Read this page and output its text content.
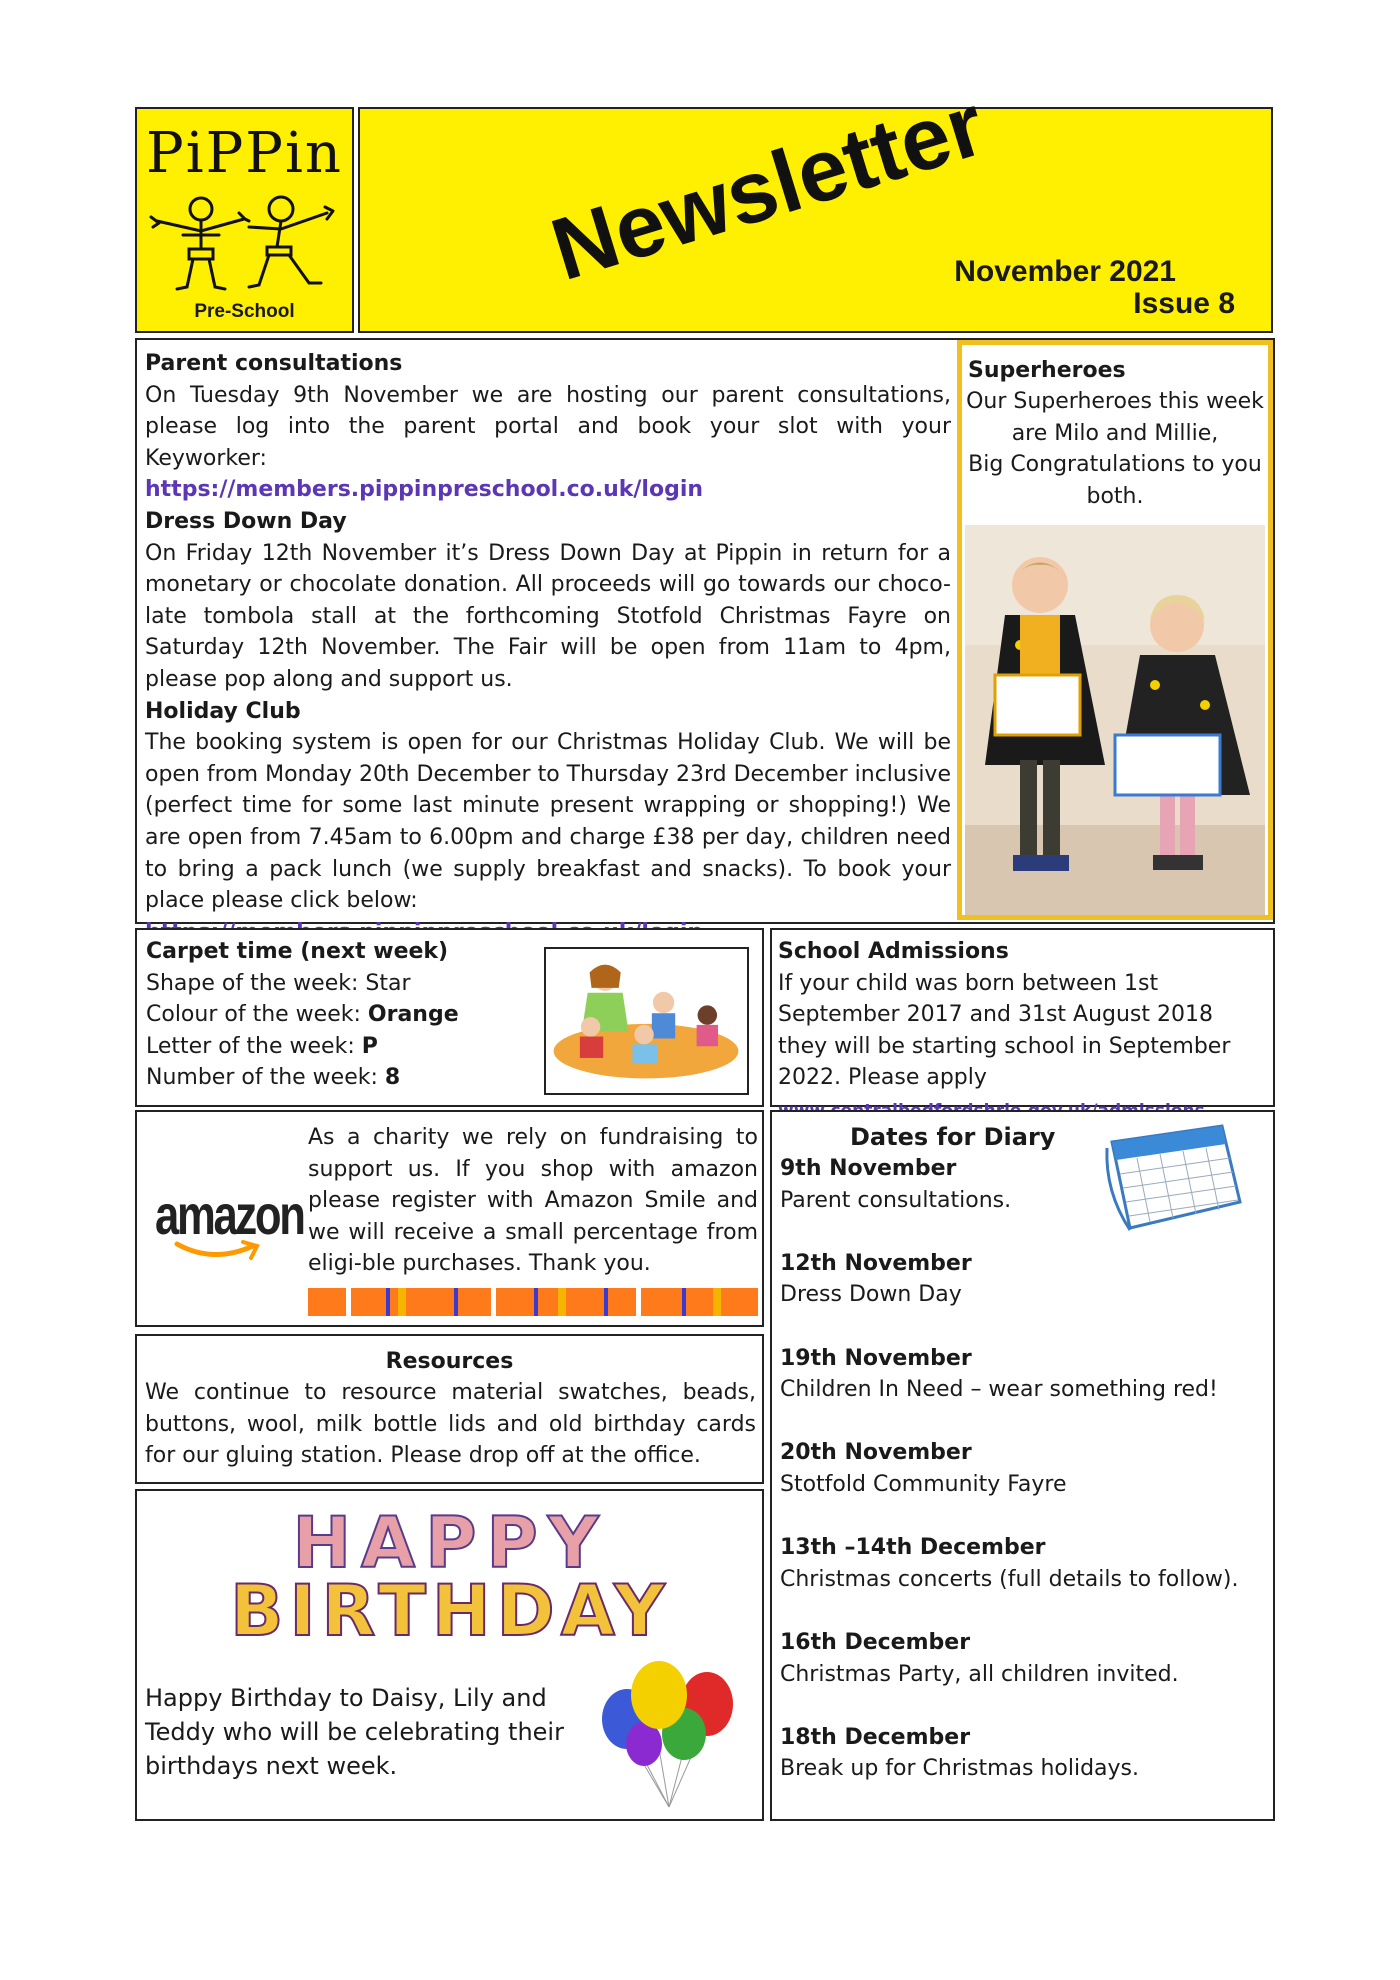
PiPPin
Pre-School
Newsletter
November 2021
Issue 8
Parent consultations
On Tuesday 9th November we are hosting our parent consultations, please log into the parent portal and book your slot with your Keyworker:
https://members.pippinpreschool.co.uk/login
Dress Down Day
On Friday 12th November it’s Dress Down Day at Pippin in return for a monetary or chocolate donation. All proceeds will go towards our choco-late tombola stall at the forthcoming Stotfold Christmas Fayre on Saturday 12th November. The Fair will be open from 11am to 4pm, please pop along and support us.
Holiday Club
The booking system is open for our Christmas Holiday Club. We will be open from Monday 20th December to Thursday 23rd December inclusive (perfect time for some last minute present wrapping or shopping!) We are open from 7.45am to 6.00pm and charge £38 per day, children need to bring a pack lunch (we supply breakfast and snacks). To book your place please click below:
Superheroes
Our Superheroes this week
are Milo and Millie,
Big Congratulations to you
both.
Carpet time (next week)
Shape of the week: Star
Colour of the week: Orange
Letter of the week: P
Number of the week: 8
School Admissions
If your child was born between 1st September 2017 and 31st August 2018 they will be starting school in September 2022. Please apply
amazon
As a charity we rely on fundraising to support us. If you shop with amazon please register with Amazon Smile and we will receive a small percentage from eligi-ble purchases. Thank you.
Resources
We continue to resource material swatches, beads, buttons, wool, milk bottle lids and old birthday cards for our gluing station. Please drop off at the office.
HAPPY
BIRTHDAY
Happy Birthday to Daisy, Lily and Teddy who will be celebrating their birthdays next week.
Dates for Diary
9th November
Parent consultations.
12th November
Dress Down Day
19th November
Children In Need – wear something red!
20th November
Stotfold Community Fayre
13th –14th December
Christmas concerts (full details to follow).
16th December
Christmas Party, all children invited.
18th December
Break up for Christmas holidays.
